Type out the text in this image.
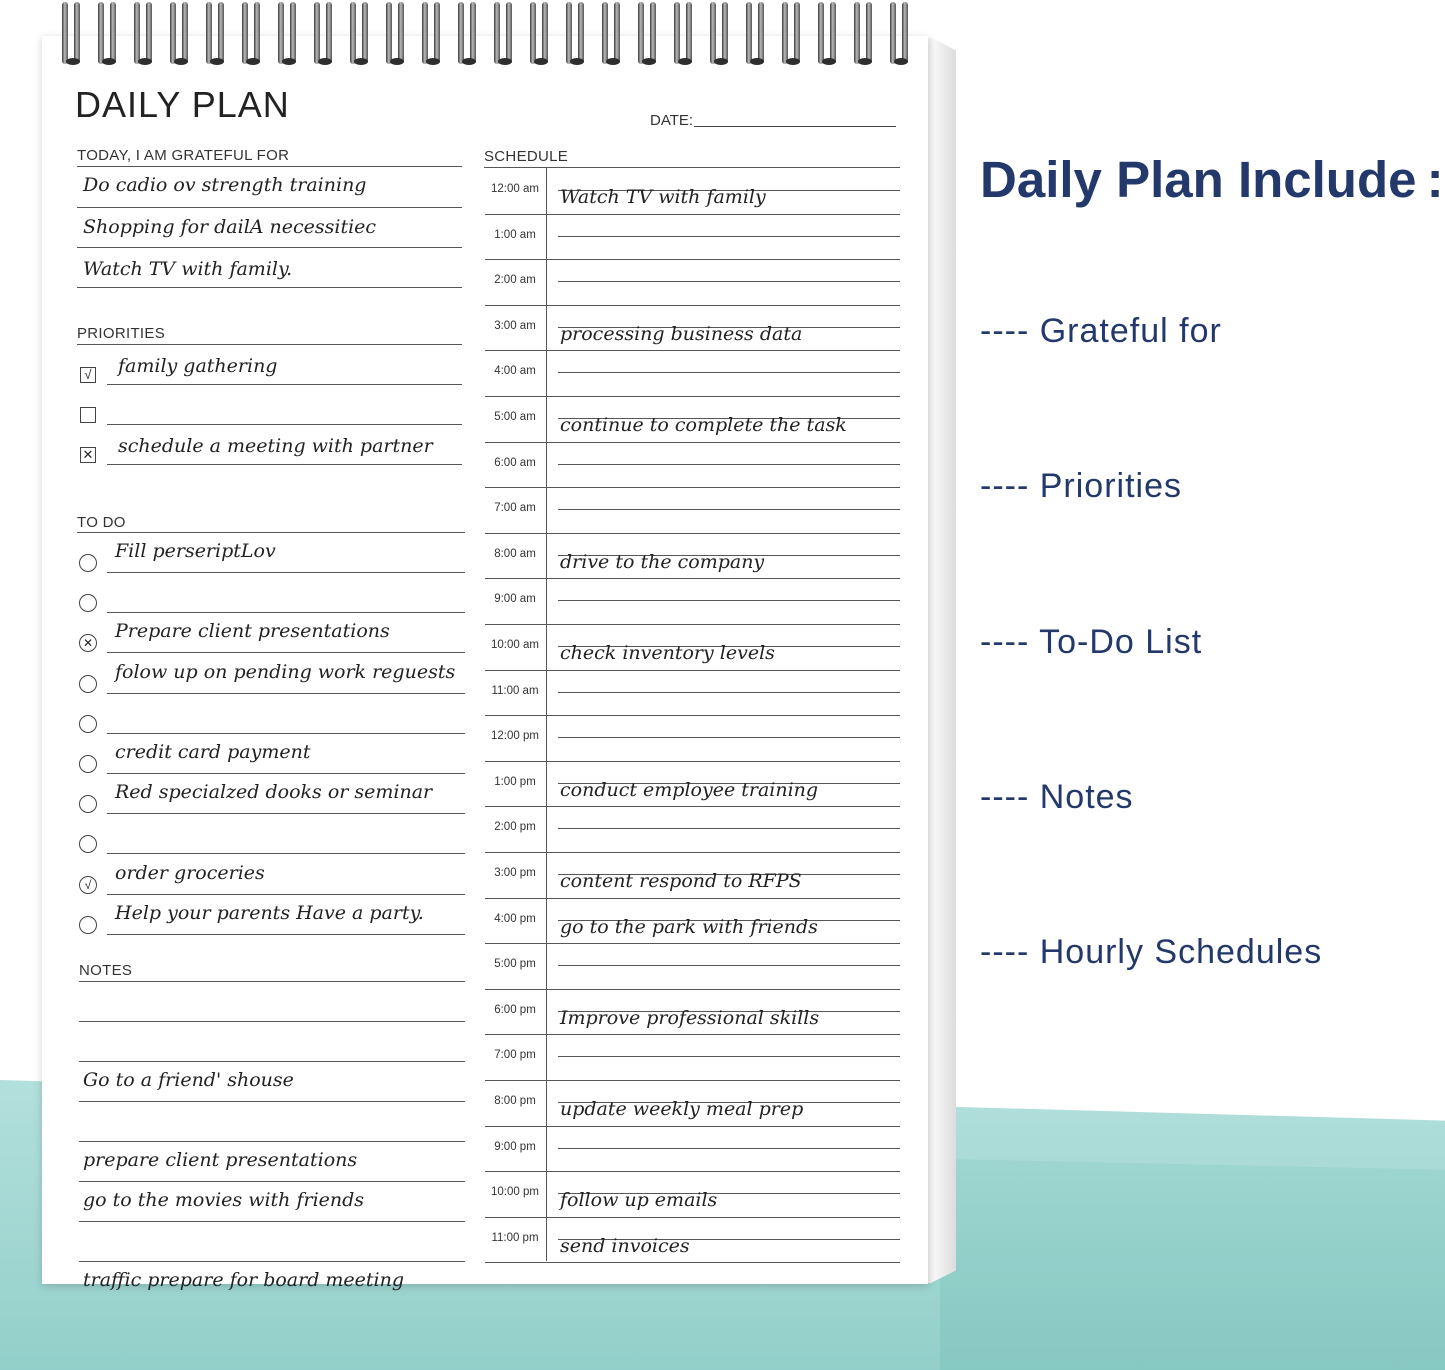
DAILY PLAN	DATE:
TODAY, I AM GRATEFUL FOR
PRIORITIES
TO DO
NOTES
SCHEDULE	Daily Plan Include :
Do cadio ov strength training
Shopping for dailA necessitiec
Watch TV with family.
√ family gathering
✕ schedule a meeting with partner
Fill perseriptLov
✕
Prepare client presentations
folow up on pending work reguests
credit card payment
Red specialzed dooks or seminar
√
order groceries
Help your parents Have a party.
Go to a friend' shouse
prepare client presentations
go to the movies with friends
traffic prepare for board meeting
12:00 am	Watch TV with family
1:00 am
2:00 am
3:00 am	processing business data
4:00 am
5:00 am	continue to complete the task
6:00 am
7:00 am
8:00 am	drive to the company
9:00 am
10:00 am	check inventory levels
11:00 am
12:00 pm
1:00 pm	conduct employee training
2:00 pm
3:00 pm	content respond to RFPS
4:00 pm	go to the park with friends
5:00 pm
6:00 pm	Improve professional skills
7:00 pm
8:00 pm	update weekly meal prep
9:00 pm
10:00 pm	follow up emails
11:00 pm	send invoices
---- Grateful for
---- Priorities
---- To-Do List
---- Notes
---- Hourly Schedules
